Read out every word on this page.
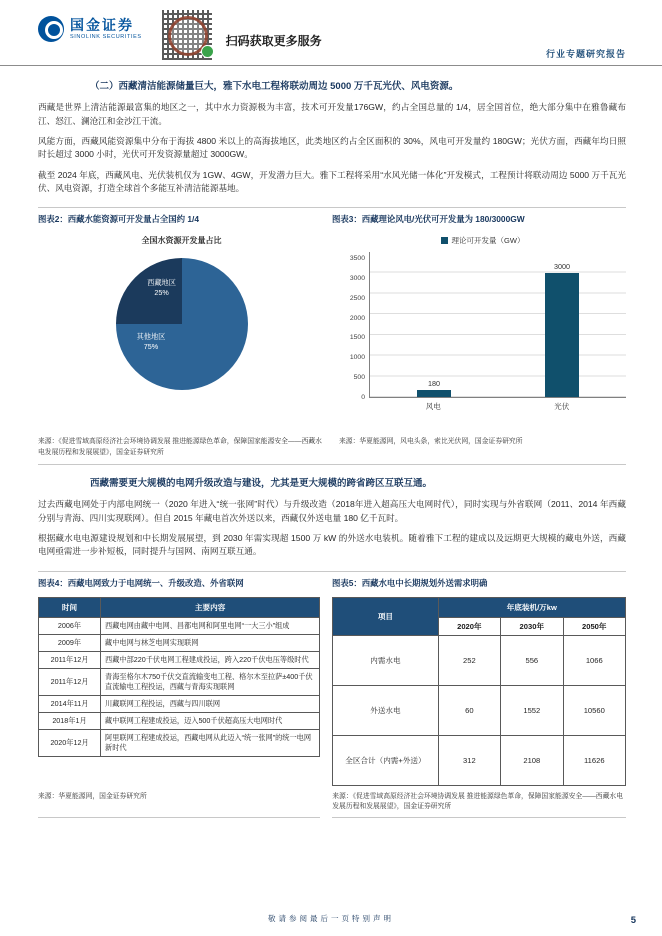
国金证券
SINOLINK SECURITIES	扫码获取更多服务
行业专题研究报告
（二）西藏清洁能源储量巨大，雅下水电工程将联动周边 5000 万千瓦光伏、风电资源。
西藏是世界上清洁能源最富集的地区之一，其中水力资源极为丰富，技术可开发量176GW，约占全国总量的 1/4，居全国首位，绝大部分集中在雅鲁藏布江、怒江、澜沧江和金沙江干流。
风能方面，西藏风能资源集中分布于海拔 4800 米以上的高海拔地区，此类地区约占全区面积的 30%，风电可开发量约 180GW；光伏方面，西藏年均日照时长超过 3000 小时，光伏可开发资源量超过 3000GW。
截至 2024 年底，西藏风电、光伏装机仅为 1GW、4GW，开发潜力巨大。雅下工程将采用“水风光储一体化”开发模式，工程预计将联动周边 5000 万千瓦光伏、风电资源，打造全球首个多能互补清洁能源基地。
图表2：西藏水能资源可开发量占全国约 1/4	图表3：西藏理论风电/光伏可开发量为 180/3000GW
全国水资源开发量占比
西藏地区
25%
其他地区
75%
理论可开发量（GW）
3500
3000
2500
2000
1500
1000
500
0
180
3000
风电	光伏
来源：《促进雪域高原经济社会环境协调发展 推进能源绿色革命，保障国家能源安全——西藏水电发展历程和发展展望》，国金证券研究所
来源：华夏能源网，风电头条，索比光伏网，国金证券研究所
西藏需要更大规模的电网升级改造与建设，尤其是更大规模的跨省跨区互联互通。
过去西藏电网处于内部电网统一（2020 年进入“统一张网”时代）与升级改造（2018年进入超高压大电网时代），同时实现与外省联网（2011、2014 年西藏分别与青海、四川实现联网）。但自 2015 年藏电首次外送以来，西藏仅外送电量 180 亿千瓦时。
根据藏水电电源建设规划和中长期发展展望，到 2030 年需实现超 1500 万 kW 的外送水电装机。随着雅下工程的建成以及远期更大规模的藏电外送，西藏电网亟需进一步补短板，同时提升与国网、南网互联互通。
图表4：西藏电网致力于电网统一、升级改造、外省联网	图表5：西藏水电中长期规划外送需求明确
时间	主要内容
2006年	西藏电网由藏中电网、昌都电网和阿里电网“一大三小”组成
2009年	藏中电网与林芝电网实现联网
2011年12月	西藏中部220千伏电网工程建成投运，跨入220千伏电压等级时代
2011年12月	青海至格尔木750千伏交直流输变电工程、格尔木至拉萨±400千伏直流输电工程投运，西藏与青海实现联网
2014年11月	川藏联网工程投运，西藏与四川联网
2018年1月	藏中联网工程建成投运，迈入500千伏超高压大电网时代
2020年12月	阿里联网工程建成投运，西藏电网从此迈入“统一张网”的统一电网新时代
项目	年底装机/万kw		
	2020年	2030年	2050年
内需水电	252	556	1066
外送水电	60	1552	10560
全区合计（内需+外送）	312	2108	11626
来源：华夏能源网，国金证券研究所	来源：《促进雪域高原经济社会环境协调发展 推进能源绿色革命，保障国家能源安全——西藏水电发展历程和发展展望》，国金证券研究所
敬请参阅最后一页特别声明	5
